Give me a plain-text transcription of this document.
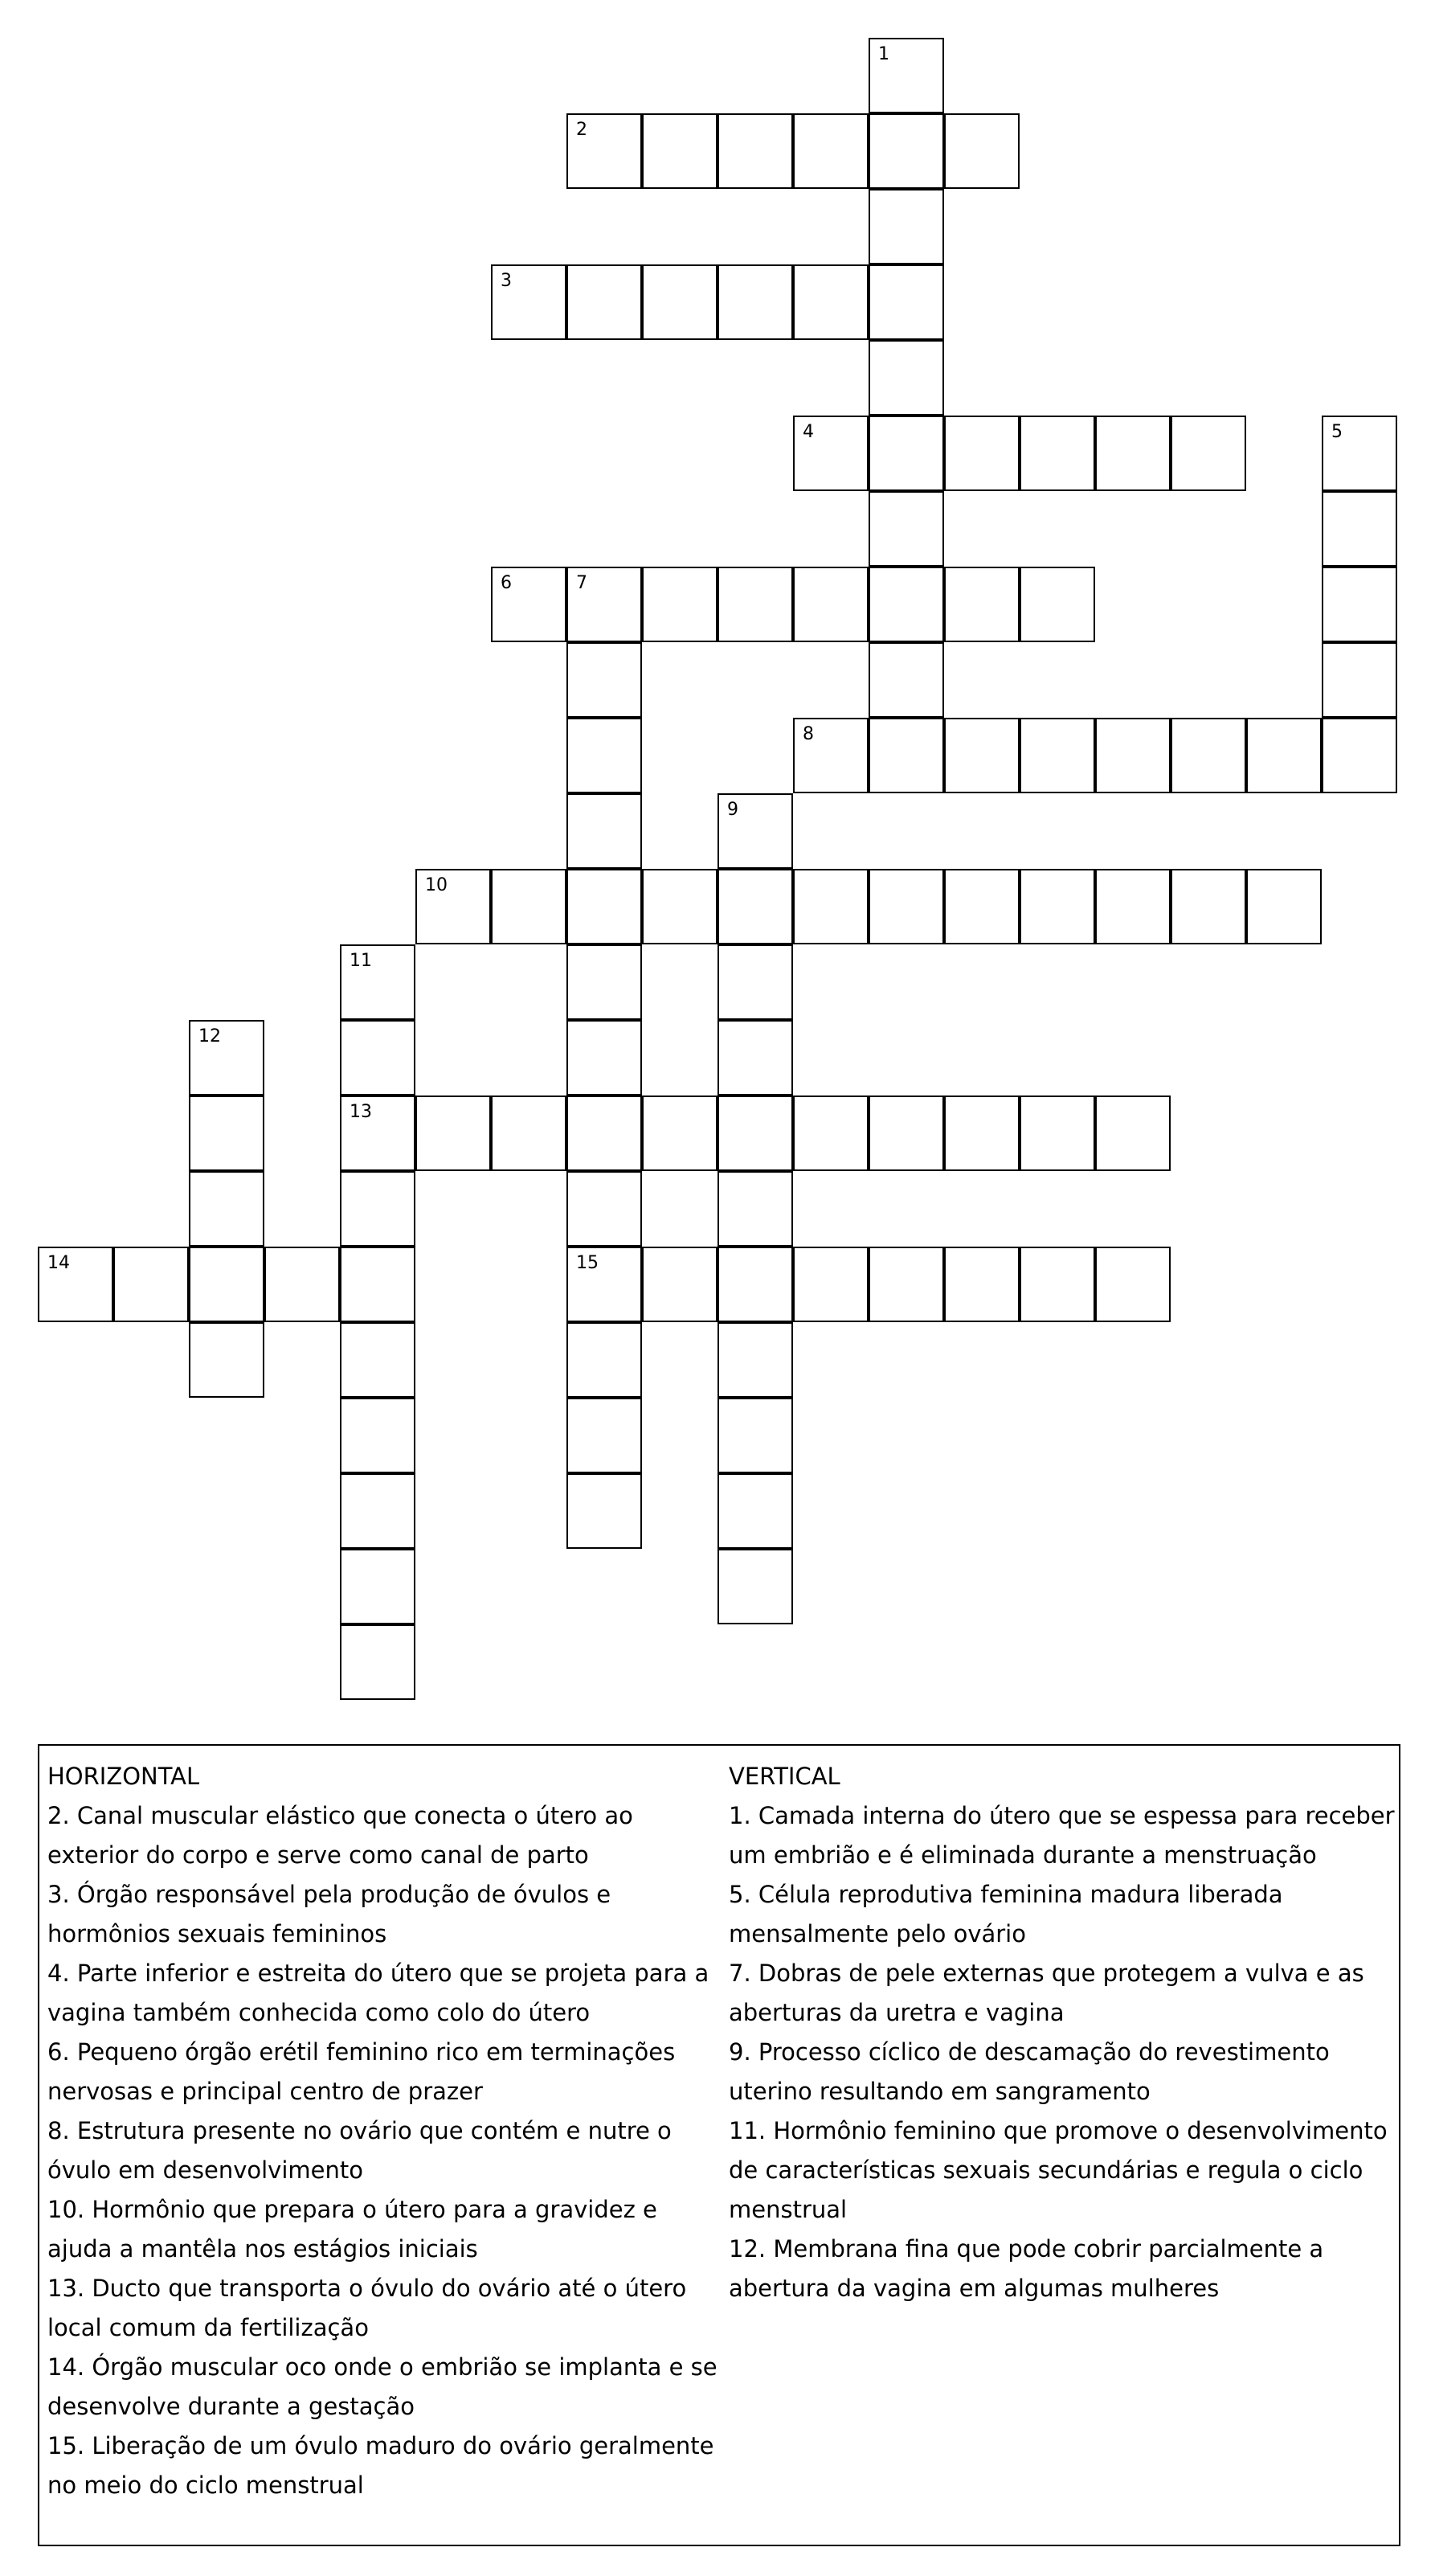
1
2
3
4	5
6	7
8
9
10
11
12
13
14	15

HORIZONTAL

2. Canal muscular elástico que conecta o útero ao exterior do corpo e serve como canal de parto

3. Órgão responsável pela produção de óvulos e hormônios sexuais femininos

4. Parte inferior e estreita do útero que se projeta para a vagina também conhecida como colo do útero

6. Pequeno órgão erétil feminino rico em terminações nervosas e principal centro de prazer

8. Estrutura presente no ovário que contém e nutre o óvulo em desenvolvimento

10. Hormônio que prepara o útero para a gravidez e ajuda a mantêla nos estágios iniciais

13. Ducto que transporta o óvulo do ovário até o útero local comum da fertilização

14. Órgão muscular oco onde o embrião se implanta e se desenvolve durante a gestação

15. Liberação de um óvulo maduro do ovário geralmente no meio do ciclo menstrual

VERTICAL

1. Camada interna do útero que se espessa para receber um embrião e é eliminada durante a menstruação

5. Célula reprodutiva feminina madura liberada mensalmente pelo ovário

7. Dobras de pele externas que protegem a vulva e as aberturas da uretra e vagina

9. Processo cíclico de descamação do revestimento uterino resultando em sangramento

11. Hormônio feminino que promove o desenvolvimento de características sexuais secundárias e regula o ciclo menstrual

12. Membrana fina que pode cobrir parcialmente a abertura da vagina em algumas mulheres
